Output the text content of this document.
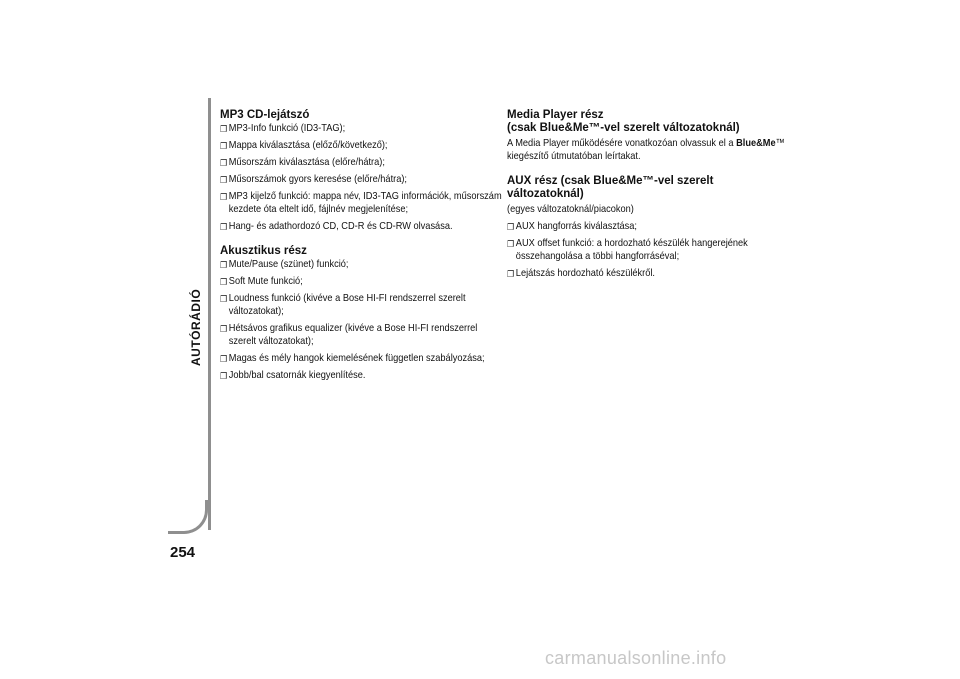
AUTÓRÁDIÓ
254

MP3 CD-lejátszó

❐ MP3-Info funkció (ID3-TAG);

❐ Mappa kiválasztása (előző/következő);

❐ Műsorszám kiválasztása (előre/hátra);

❐ Műsorszámok gyors keresése (előre/hátra);

❐ MP3 kijelző funkció: mappa név, ID3-TAG információk, műsorszám kezdete óta eltelt idő, fájlnév megjelenítése;

❐ Hang- és adathordozó CD, CD-R és CD-RW olvasása.

Akusztikus rész

❐ Mute/Pause (szünet) funkció;

❐ Soft Mute funkció;

❐ Loudness funkció (kivéve a Bose HI-FI rendszerrel szerelt változatokat);

❐ Hétsávos grafikus equalizer (kivéve a Bose HI-FI rendszerrel szerelt változatokat);

❐ Magas és mély hangok kiemelésének független szabályozása;

❐ Jobb/bal csatornák kiegyenlítése.

Media Player rész

(csak Blue&Me™-vel szerelt változatoknál)

A Media Player működésére vonatkozóan olvassuk el a Blue&Me™ kiegészítő útmutatóban leírtakat.

AUX rész (csak Blue&Me™-vel szerelt változatoknál)

(egyes változatoknál/piacokon)

❐ AUX hangforrás kiválasztása;

❐ AUX offset funkció: a hordozható készülék hangerejének összehangolása a többi hangforráséval;

❐ Lejátszás hordozható készülékről.

carmanualsonline.info
